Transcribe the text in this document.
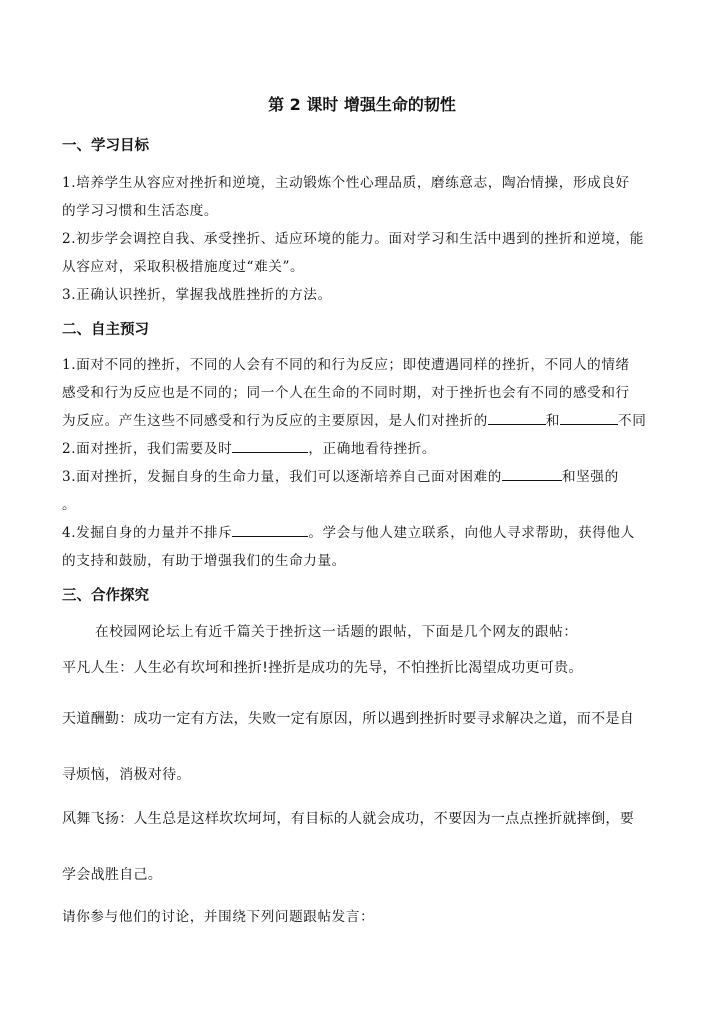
第 2 课时 增强生命的韧性
一、学习目标
1.培养学生从容应对挫折和逆境，主动锻炼个性心理品质，磨练意志，陶冶情操，形成良好
的学习习惯和生活态度。
2.初步学会调控自我、承受挫折、适应环境的能力。面对学习和生活中遇到的挫折和逆境，能
从容应对，采取积极措施度过“难关”。
3.正确认识挫折，掌握我战胜挫折的方法。
二、自主预习
1.面对不同的挫折，不同的人会有不同的和行为反应；即使遭遇同样的挫折，不同人的情绪
感受和行为反应也是不同的；同一个人在生命的不同时期，对于挫折也会有不同的感受和行
为反应。产生这些不同感受和行为反应的主要原因，是人们对挫折的	和	不同
2.面对挫折，我们需要及时	，正确地看待挫折。
3.面对挫折，发掘自身的生命力量，我们可以逐渐培养自己面对困难的	和坚强的
。
4.发掘自身的力量并不排斥	。学会与他人建立联系，向他人寻求帮助，获得他人
的支持和鼓励，有助于增强我们的生命力量。
三、合作探究
在校园网论坛上有近千篇关于挫折这一话题的跟帖，下面是几个网友的跟帖：
平凡人生：人生必有坎坷和挫折!挫折是成功的先导，不怕挫折比渴望成功更可贵。
天道酬勤：成功一定有方法，失败一定有原因，所以遇到挫折时要寻求解决之道，而不是自
寻烦恼，消极对待。
风舞飞扬：人生总是这样坎坎坷坷，有目标的人就会成功，不要因为一点点挫折就摔倒，要
学会战胜自己。
请你参与他们的讨论，并围绕下列问题跟帖发言：
